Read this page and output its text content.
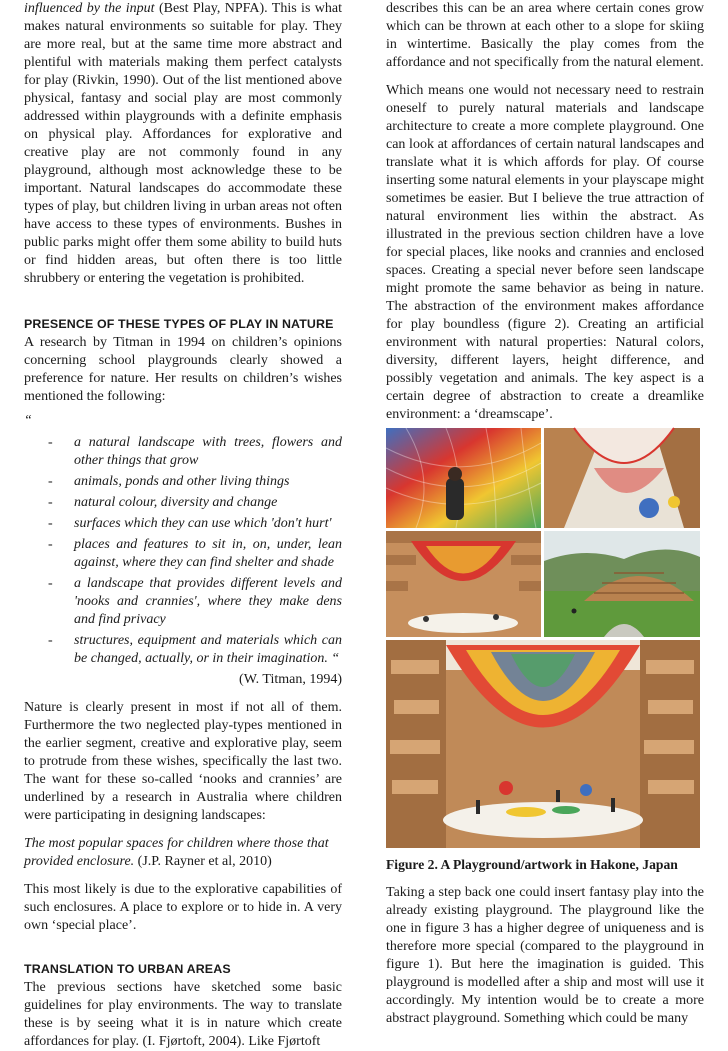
influenced by the input (Best Play, NPFA). This is what makes natural environments so suitable for play. They are more real, but at the same time more abstract and plentiful with materials making them perfect catalysts for play (Rivkin, 1990). Out of the list mentioned above physical, fantasy and social play are most commonly addressed within playgrounds with a definite emphasis on physical play. Affordances for explorative and creative play are not commonly found in any playground, although most acknowledge these to be important. Natural landscapes do accommodate these types of play, but children living in urban areas not often have access to these types of environments. Bushes in public parks might offer them some ability to build huts or find hidden areas, but often there is too little shrubbery or entering the vegetation is prohibited.

PRESENCE OF THESE TYPES OF PLAY IN NATURE

A research by Titman in 1994 on children’s opinions concerning school playgrounds clearly showed a preference for nature. Her results on children’s wishes mentioned the following:

“
- a natural landscape with trees, flowers and other things that grow
- animals, ponds and other living things
- natural colour, diversity and change
- surfaces which they can use which 'don't hurt'
- places and features to sit in, on, under, lean against, where they can find shelter and shade
- a landscape that provides different levels and 'nooks and crannies', where they make dens and find privacy
- structures, equipment and materials which can be changed, actually, or in their imagination. “
(W. Titman, 1994)

Nature is clearly present in most if not all of them. Furthermore the two neglected play-types mentioned in the earlier segment, creative and explorative play, seem to protrude from these wishes, specifically the last two. The want for these so-called ‘nooks and crannies’ are underlined by a research in Australia where children were participating in designing landscapes:

The most popular spaces for children where those that provided enclosure. (J.P. Rayner et al, 2010)

This most likely is due to the explorative capabilities of such enclosures. A place to explore or to hide in. A very own ‘special place’.

TRANSLATION TO URBAN AREAS

The previous sections have sketched some basic guidelines for play environments. The way to translate these is by seeing what it is in nature which create affordances for play. (I. Fjørtoft, 2004). Like Fjørtoft

describes this can be an area where certain cones grow which can be thrown at each other to a slope for skiing in wintertime. Basically the play comes from the affordance and not specifically from the natural element.

Which means one would not necessary need to restrain oneself to purely natural materials and landscape architecture to create a more complete playground. One can look at affordances of certain natural landscapes and translate what it is which affords for play. Of course inserting some natural elements in your playscape might sometimes be easier. But I believe the true attraction of natural environment lies within the abstract. As illustrated in the previous section children have a love for special places, like nooks and crannies and enclosed spaces. Creating a special never before seen landscape might promote the same behavior as being in nature. The abstraction of the environment makes affordance for play boundless (figure 2). Creating an artificial environment with natural properties: Natural colors, diversity, different layers, height difference, and possibly vegetation and animals. The key aspect is a certain degree of abstraction to create a dreamlike environment: a ‘dreamscape’.

Figure 2. A Playground/artwork in Hakone, Japan

Taking a step back one could insert fantasy play into the already existing playground. The playground like the one in figure 3 has a higher degree of uniqueness and is therefore more special (compared to the playground in figure 1). But here the imagination is guided. This playground is modelled after a ship and most will use it accordingly. My intention would be to create a more abstract playground. Something which could be many
